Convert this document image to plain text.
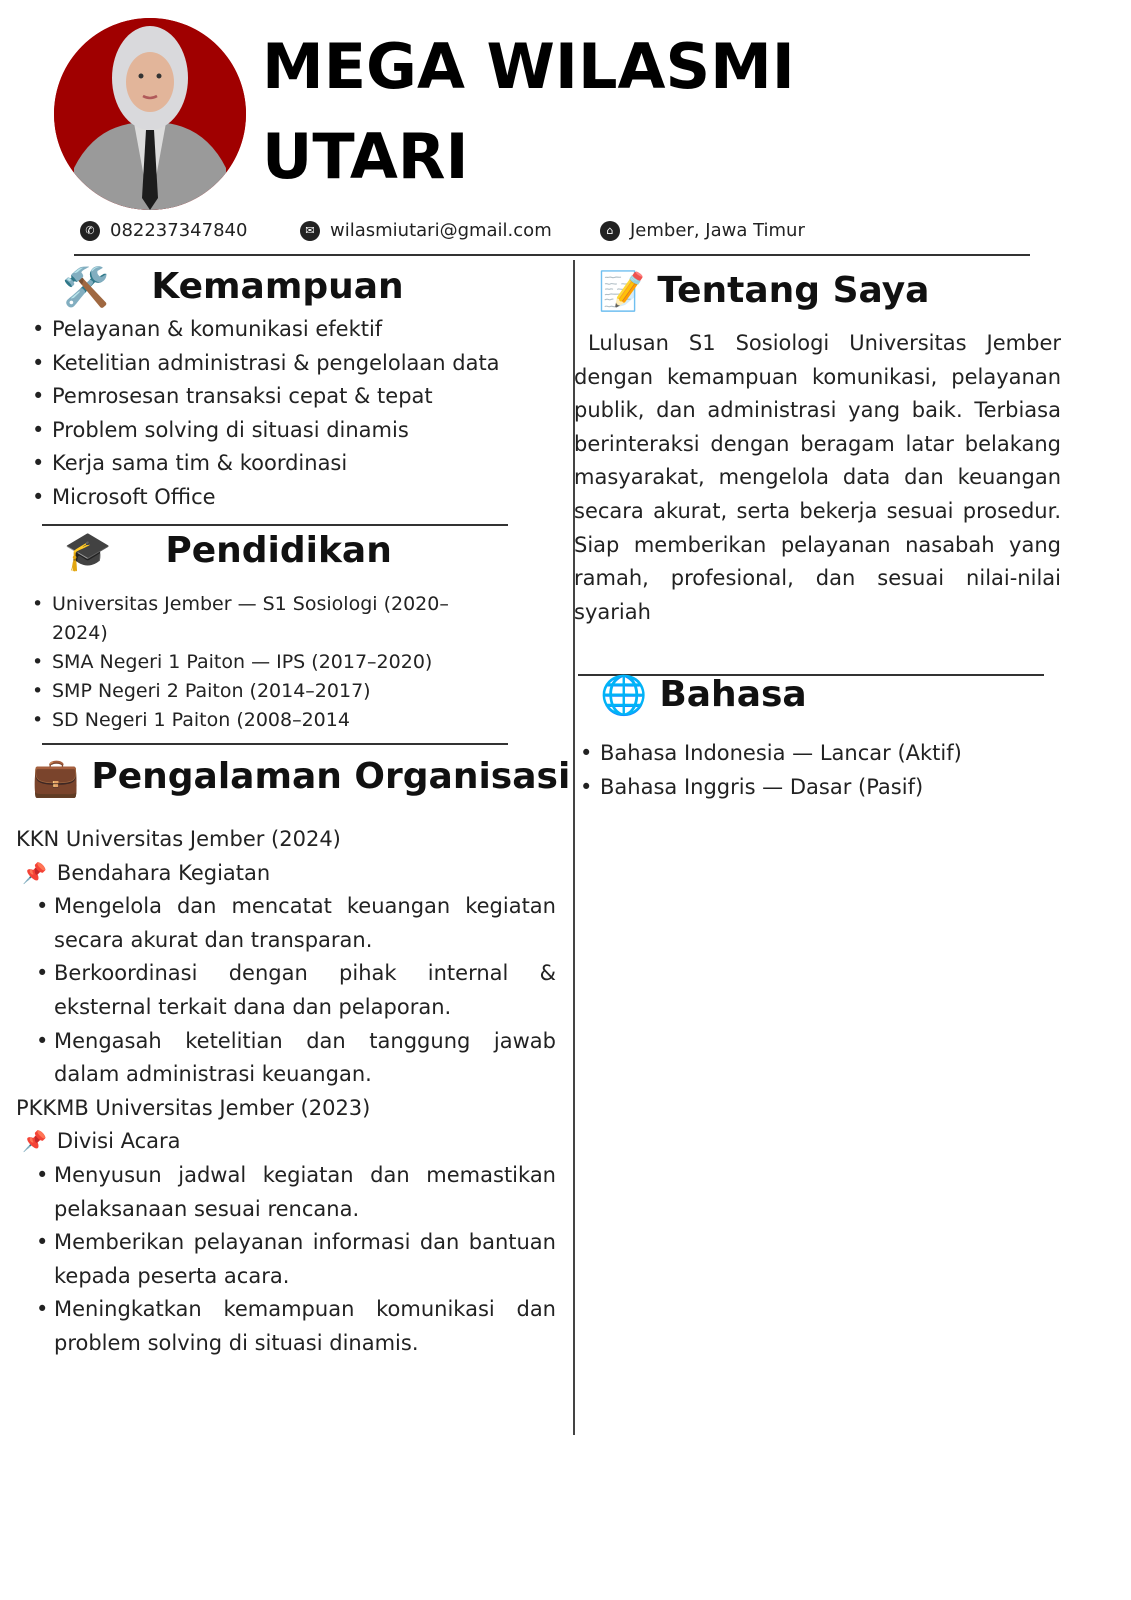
MEGA WILASMI
UTARI
✆ 082237347840	✉ wilasmiutari@gmail.com	⌂ Jember, Jawa Timur
🛠️ Kemampuan
• Pelayanan & komunikasi efektif
• Ketelitian administrasi & pengelolaan data
• Pemrosesan transaksi cepat & tepat
• Problem solving di situasi dinamis
• Kerja sama tim & koordinasi
• Microsoft Office
🎓 Pendidikan
• Universitas Jember — S1 Sosiologi (2020–2024)
• SMA Negeri 1 Paiton — IPS (2017–2020)
• SMP Negeri 2 Paiton (2014–2017)
• SD Negeri 1 Paiton (2008–2014
💼 Pengalaman Organisasi
KKN Universitas Jember (2024)
📌 Bendahara Kegiatan
• Mengelola dan mencatat keuangan kegiatan secara akurat dan transparan.
• Berkoordinasi dengan pihak internal & eksternal terkait dana dan pelaporan.
• Mengasah ketelitian dan tanggung jawab dalam administrasi keuangan.
PKKMB Universitas Jember (2023)
📌 Divisi Acara
• Menyusun jadwal kegiatan dan memastikan pelaksanaan sesuai rencana.
• Memberikan pelayanan informasi dan bantuan kepada peserta acara.
• Meningkatkan kemampuan komunikasi dan problem solving di situasi dinamis.
📝 Tentang Saya
Lulusan S1 Sosiologi Universitas Jember dengan kemampuan komunikasi, pelayanan publik, dan administrasi yang baik. Terbiasa berinteraksi dengan beragam latar belakang masyarakat, mengelola data dan keuangan secara akurat, serta bekerja sesuai prosedur. Siap memberikan pelayanan nasabah yang ramah, profesional, dan sesuai nilai-nilai syariah
🌐 Bahasa
• Bahasa Indonesia — Lancar (Aktif)
• Bahasa Inggris — Dasar (Pasif)
